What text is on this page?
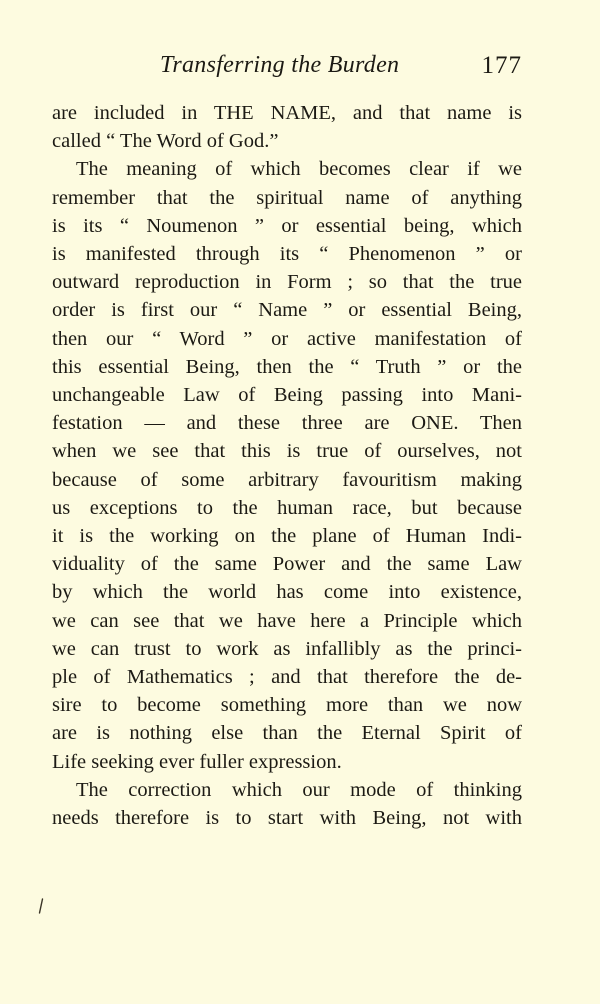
Transferring the Burden	177
are included in THE NAME, and that name is
called “ The Word of God.”
The meaning of which becomes clear if we
remember that the spiritual name of anything
is its “ Noumenon ” or essential being, which
is manifested through its “ Phenomenon ” or
outward reproduction in Form ; so that the true
order is first our “ Name ” or essential Being,
then our “ Word ” or active manifestation of
this essential Being, then the “ Truth ” or the
unchangeable Law of Being passing into Mani-
festation — and these three are ONE. Then
when we see that this is true of ourselves, not
because of some arbitrary favouritism making
us exceptions to the human race, but because
it is the working on the plane of Human Indi-
viduality of the same Power and the same Law
by which the world has come into existence,
we can see that we have here a Principle which
we can trust to work as infallibly as the princi-
ple of Mathematics ; and that therefore the de-
sire to become something more than we now
are is nothing else than the Eternal Spirit of
Life seeking ever fuller expression.
The correction which our mode of thinking
needs therefore is to start with Being, not with
